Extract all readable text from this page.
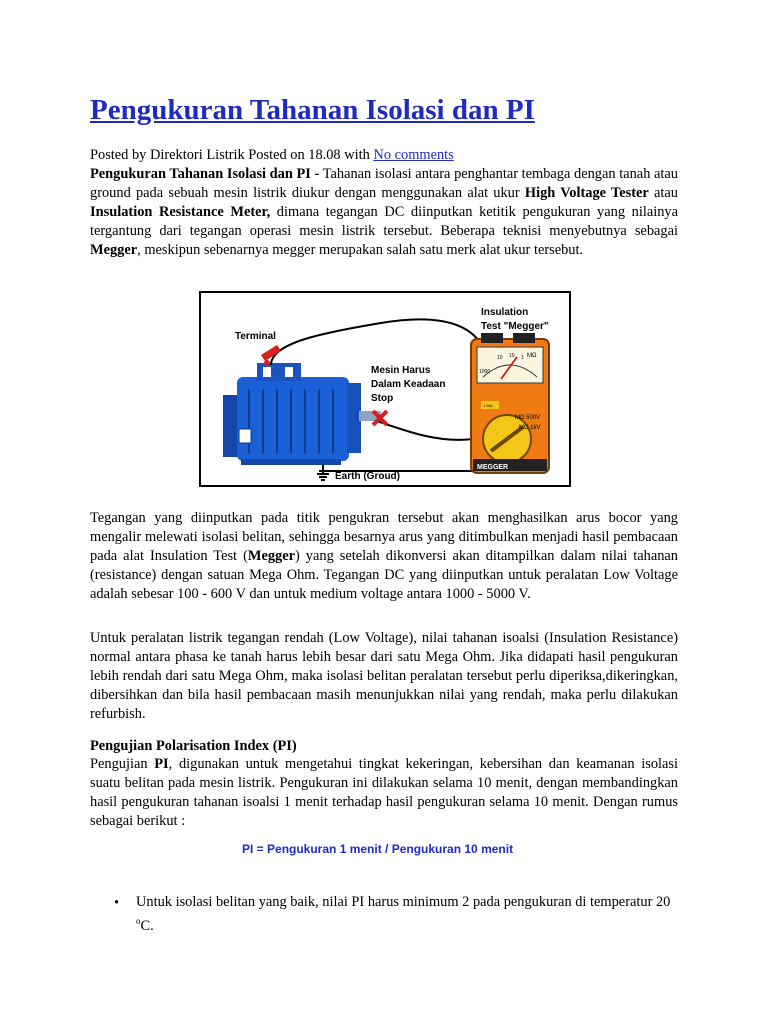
Pengukuran Tahanan Isolasi dan PI
Posted by Direktori Listrik Posted on 18.08 with No comments
Pengukuran Tahanan Isolasi dan PI - Tahanan isolasi antara penghantar tembaga dengan tanah atau ground pada sebuah mesin listrik diukur dengan menggunakan alat ukur High Voltage Tester atau Insulation Resistance Meter, dimana tegangan DC diinputkan ketitik pengukuran yang nilainya tergantung dari tegangan operasi mesin listrik tersebut. Beberapa teknisi menyebutnya sebagai Megger, meskipun sebenarnya megger merupakan salah satu merk alat ukur tersebut.
Tegangan yang diinputkan pada titik pengukran tersebut akan menghasilkan arus bocor yang mengalir melewati isolasi belitan, sehingga besarnya arus yang ditimbulkan menjadi hasil pembacaan pada alat Insulation Test (Megger) yang setelah dikonversi akan ditampilkan dalam nilai tahanan (resistance) dengan satuan Mega Ohm. Tegangan DC yang diinputkan untuk peralatan Low Voltage adalah sebesar 100 - 600 V dan untuk medium voltage antara 1000 - 5000 V.
Untuk peralatan listrik tegangan rendah (Low Voltage), nilai tahanan isoalsi (Insulation Resistance) normal antara phasa ke tanah harus lebih besar dari satu Mega Ohm. Jika didapati hasil pengukuran lebih rendah dari satu Mega Ohm, maka isolasi belitan peralatan tersebut perlu diperiksa,dikeringkan, dibersihkan dan bila hasil pembacaan masih menunjukkan nilai yang rendah, maka perlu dilakukan refurbish.
Pengujian Polarisation Index (PI)
Pengujian PI, digunakan untuk mengetahui tingkat kekeringan, kebersihan dan keamanan isolasi suatu belitan pada mesin listrik. Pengukuran ini dilakukan selama 10 menit, dengan membandingkan hasil pengukuran tahanan isoalsi 1 menit terhadap hasil pengukuran selama 10 menit. Dengan rumus sebagai berikut :
PI = Pengukuran 1 menit / Pengukuran 10 menit
• Untuk isolasi belitan yang baik, nilai PI harus minimum 2 pada pengukuran di temperatur 20 $^o$C.
Terminal
Insulation
Test "Megger"
Mesin Harus
Dalam Keadaan
Stop
Earth (Groud)
MEGGER
MΩ 500V
MΩ 1kV
1000
10 10 1 MΩ
1 Min
